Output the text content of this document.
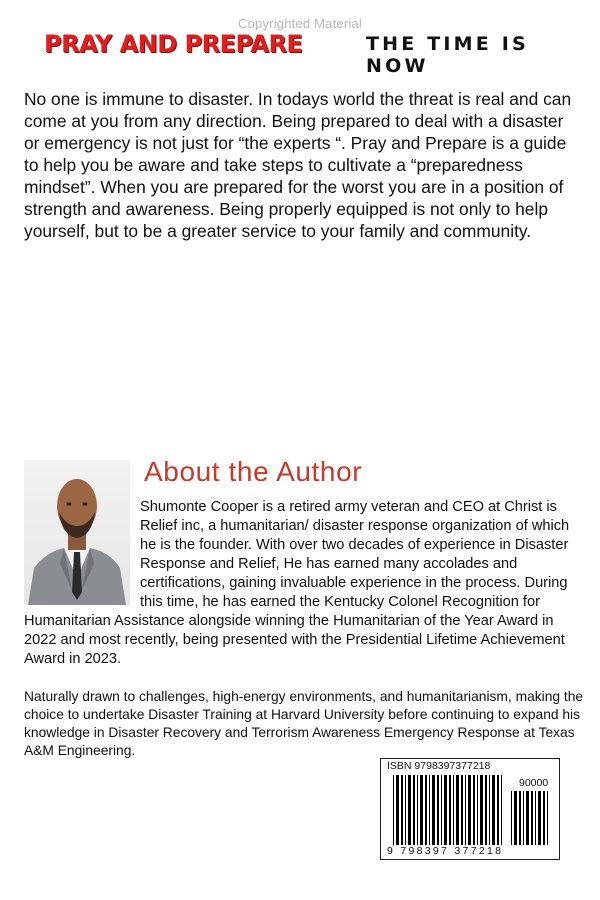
Copyrighted Material
PRAY AND PREPARE	THE TIME IS NOW

No one is immune to disaster. In todays world the threat is real and can come at you from any direction. Being prepared to deal with a disaster or emergency is not just for “the experts “. Pray and Prepare is a guide to help you be aware and take steps to cultivate a “preparedness mindset”. When you are prepared for the worst you are in a position of strength and awareness. Being properly equipped is not only to help yourself, but to be a greater service to your family and community.

About the Author

Shumonte Cooper is a retired army veteran and CEO at Christ is Relief inc, a humanitarian/ disaster response organization of which he is the founder. With over two decades of experience in Disaster Response and Relief, He has earned many accolades and certifications, gaining invaluable experience in the process. During this time, he has earned the Kentucky Colonel Recognition for Humanitarian Assistance alongside winning the Humanitarian of the Year Award in 2022 and most recently, being presented with the Presidential Lifetime Achievement Award in 2023.

Naturally drawn to challenges, high-energy environments, and humanitarianism, making the choice to undertake Disaster Training at Harvard University before continuing to expand his knowledge in Disaster Recovery and Terrorism Awareness Emergency Response at Texas A&M Engineering.

ISBN 9798397377218
90000
9 798397 377218
